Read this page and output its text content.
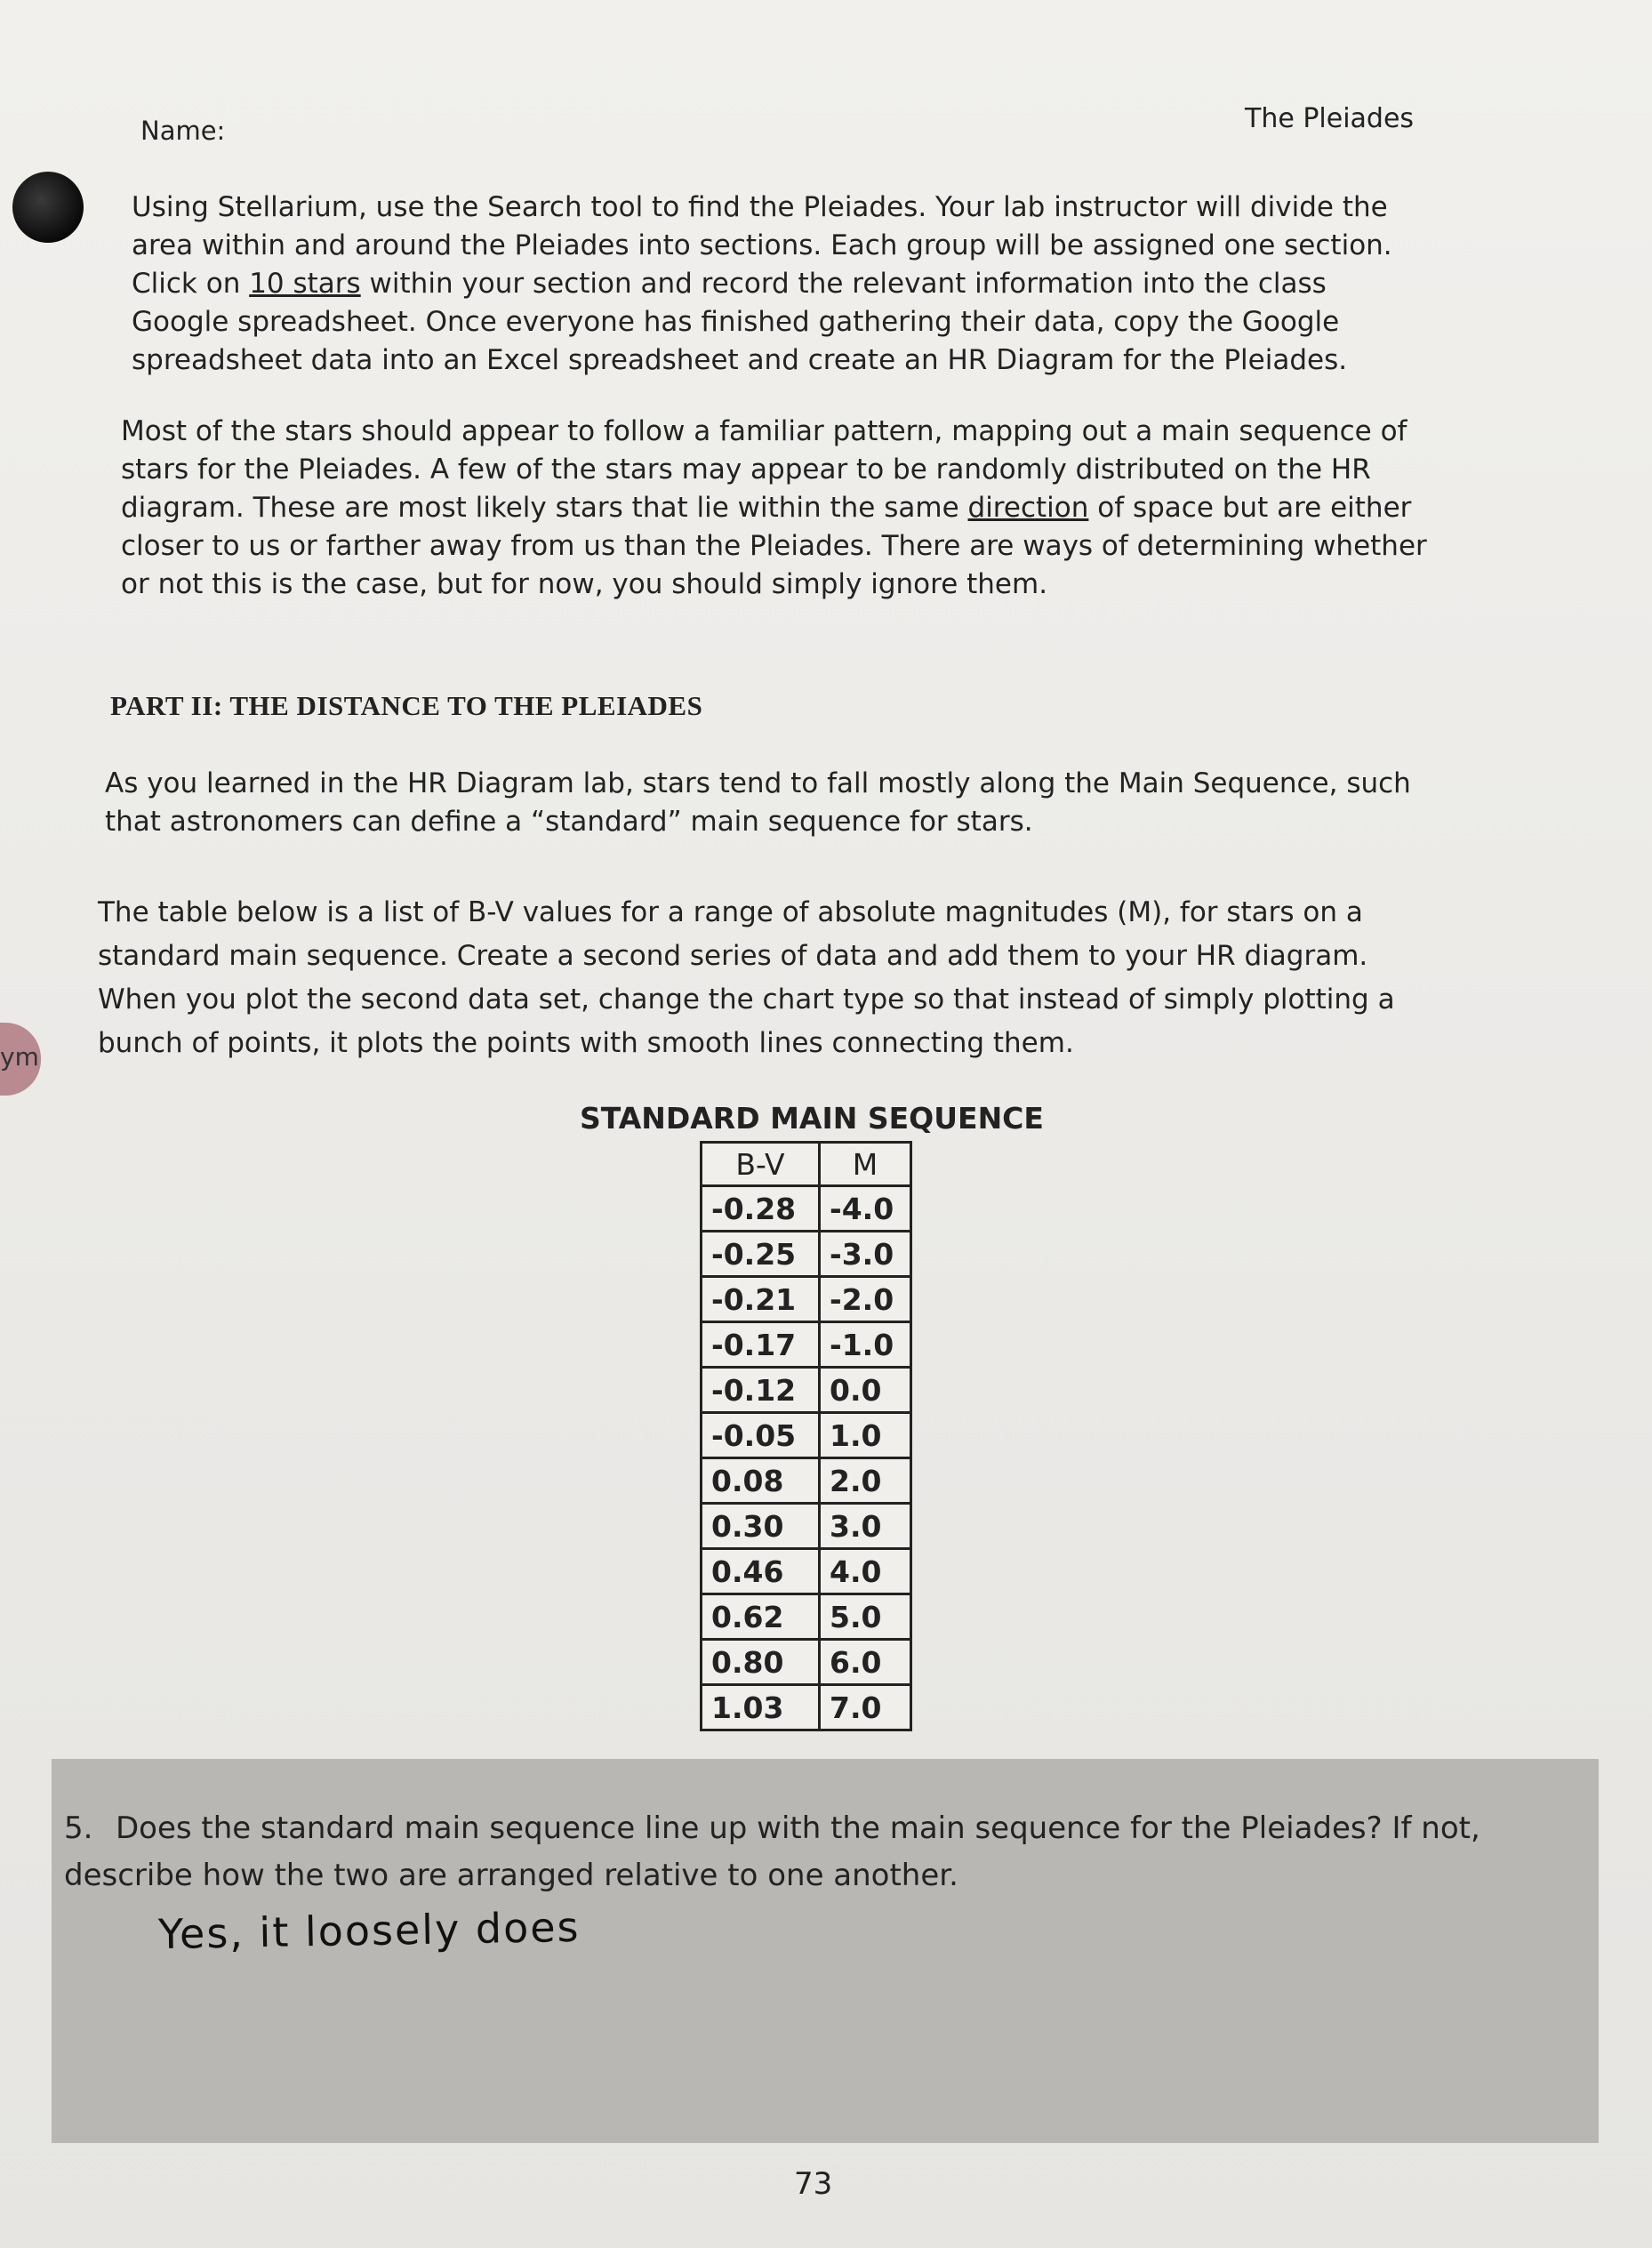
ym
Name:	The Pleiades

Using Stellarium, use the Search tool to find the Pleiades. Your lab instructor will divide the area within and around the Pleiades into sections. Each group will be assigned one section. Click on 10 stars within your section and record the relevant information into the class Google spreadsheet. Once everyone has finished gathering their data, copy the Google spreadsheet data into an Excel spreadsheet and create an HR Diagram for the Pleiades.

Most of the stars should appear to follow a familiar pattern, mapping out a main sequence of stars for the Pleiades. A few of the stars may appear to be randomly distributed on the HR diagram. These are most likely stars that lie within the same direction of space but are either closer to us or farther away from us than the Pleiades. There are ways of determining whether or not this is the case, but for now, you should simply ignore them.

PART II: THE DISTANCE TO THE PLEIADES

As you learned in the HR Diagram lab, stars tend to fall mostly along the Main Sequence, such that astronomers can define a “standard” main sequence for stars.

The table below is a list of B-V values for a range of absolute magnitudes (M), for stars on a standard main sequence. Create a second series of data and add them to your HR diagram. When you plot the second data set, change the chart type so that instead of simply plotting a bunch of points, it plots the points with smooth lines connecting them.

STANDARD MAIN SEQUENCE
B-V	M
-0.28	-4.0
-0.25	-3.0
-0.21	-2.0
-0.17	-1.0
-0.12	0.0
-0.05	1.0
0.08	2.0
0.30	3.0
0.46	4.0
0.62	5.0
0.80	6.0
1.03	7.0

5. Does the standard main sequence line up with the main sequence for the Pleiades? If not, describe how the two are arranged relative to one another.

Yes, it loosely does
73
